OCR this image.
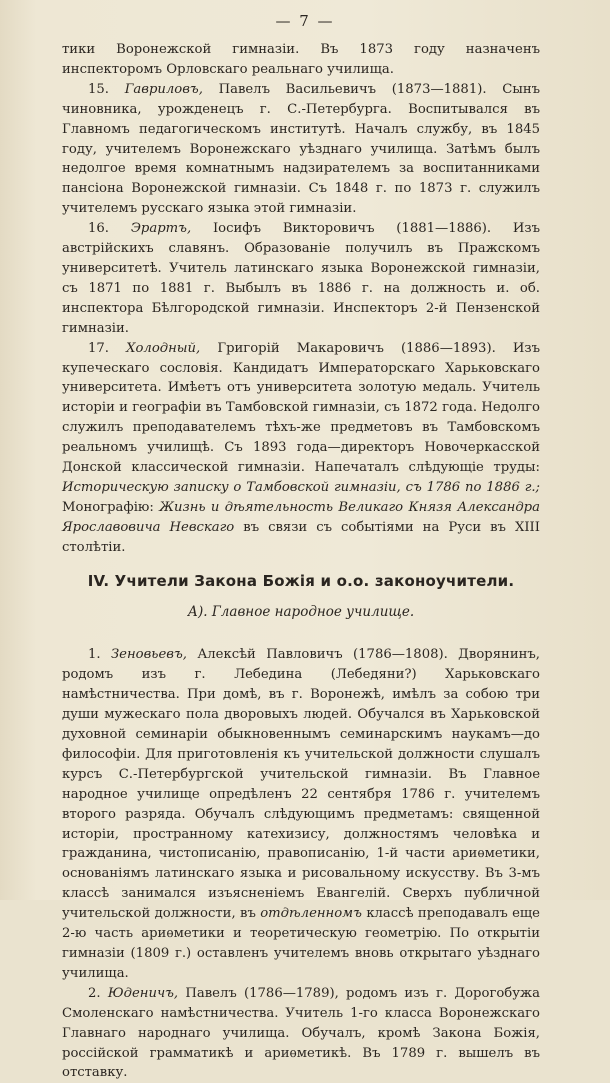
— 7 —

тики Воронежской гимназіи. Въ 1873 году назначенъ инспекторомъ Орловскаго реальнаго училища.

15. Гавриловъ, Павелъ Васильевичъ (1873—1881). Сынъ чиновника, урожденецъ г. С.-Петербурга. Воспитывался въ Главномъ педагогическомъ институтѣ. Началъ службу, въ 1845 году, учителемъ Воронежскаго уѣзднаго училища. Затѣмъ былъ недолгое время комнатнымъ надзирателемъ за воспитанниками пансіона Воронежской гимназіи. Съ 1848 г. по 1873 г. служилъ учителемъ русскаго языка этой гимназіи.

16. Эрартъ, Іосифъ Викторовичъ (1881—1886). Изъ австрійскихъ славянъ. Образованіе получилъ въ Пражскомъ университетѣ. Учитель латинскаго языка Воронежской гимназіи, съ 1871 по 1881 г. Выбылъ въ 1886 г. на должность и. об. инспектора Бѣлгородской гимназіи. Инспекторъ 2-й Пензенской гимназіи.

17. Холодный, Григорій Макаровичъ (1886—1893). Изъ купеческаго сословія. Кандидатъ Императорскаго Харьковскаго университета. Имѣетъ отъ университета золотую медаль. Учитель исторіи и географіи въ Тамбовской гимназіи, съ 1872 года. Недолго служилъ преподавателемъ тѣхъ-же предметовъ въ Тамбовскомъ реальномъ училищѣ. Съ 1893 года—директоръ Новочеркасской Донской классической гимназіи. Напечаталъ слѣдующіе труды: Историческую записку о Тамбовской гимназіи, съ 1786 по 1886 г.; Монографію: Жизнь и дѣятельность Великаго Князя Александра Ярославовича Невскаго въ связи съ событіями на Руси въ XIII столѣтіи.

IV. Учители Закона Божія и о.о. законоучители.
А). Главное народное училище.

1. Зеновьевъ, Алексѣй Павловичъ (1786—1808). Дворянинъ, родомъ изъ г. Лебедина (Лебедяни?) Харьковскаго намѣстничества. При домѣ, въ г. Воронежѣ, имѣлъ за собою три души мужескаго пола дворовыхъ людей. Обучался въ Харьковской духовной семинаріи обыкновеннымъ семинарскимъ наукамъ—до философіи. Для приготовленія къ учительской должности слушалъ курсъ С.-Петербургской учительской гимназіи. Въ Главное народное училище опредѣленъ 22 сентября 1786 г. учителемъ второго разряда. Обучалъ слѣдующимъ предметамъ: священной исторіи, пространному катехизису, должностямъ человѣка и гражданина, чистописанію, правописанію, 1-й части ариѳметики, основаніямъ латинскаго языка и рисовальному искусству. Въ 3-мъ классѣ занимался изъясненіемъ Евангелій. Сверхъ публичной учительской должности, въ отдѣленномъ классѣ преподавалъ еще 2-ю часть ариѳметики и теоретическую геометрію. По открытіи гимназіи (1809 г.) оставленъ учителемъ вновь открытаго уѣзднаго училища.

2. Юденичъ, Павелъ (1786—1789), родомъ изъ г. Дорогобужа Смоленскаго намѣстничества. Учитель 1-го класса Воронежскаго Главнаго народнаго училища. Обучалъ, кромѣ Закона Божія, россійской грамматикѣ и ариѳметикѣ. Въ 1789 г. вышелъ въ отставку.
